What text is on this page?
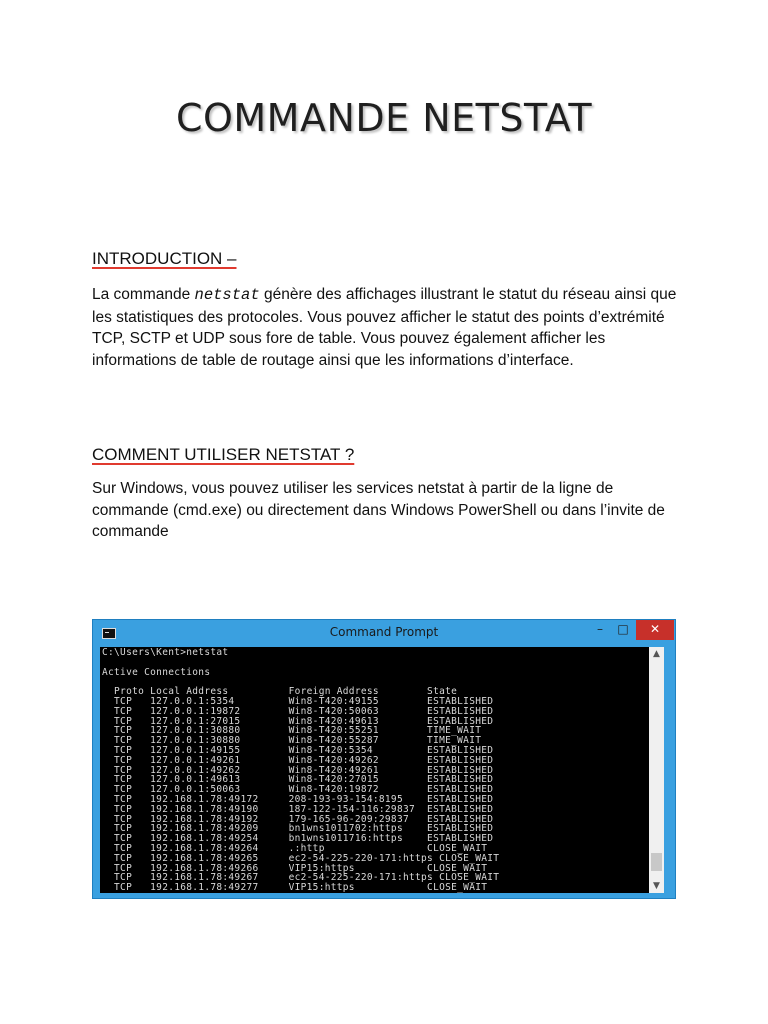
COMMANDE NETSTAT
INTRODUCTION –
La commande netstat génère des affichages illustrant le statut du réseau ainsi que les statistiques des protocoles. Vous pouvez afficher le statut des points d’extrémité TCP, SCTP et UDP sous fore de table. Vous pouvez également afficher les informations de table de routage ainsi que les informations d’interface.
COMMENT UTILISER NETSTAT ?
Sur Windows, vous pouvez utiliser les services netstat à partir de la ligne de commande (cmd.exe) ou directement dans Windows PowerShell ou dans l’invite de commande
Command Prompt	–	□	✕
C:\Users\Kent>netstat

Active Connections

Proto Local Address          Foreign Address        State
TCP   127.0.0.1:5354         Win8-T420:49155        ESTABLISHED
TCP   127.0.0.1:19872        Win8-T420:50063        ESTABLISHED
TCP   127.0.0.1:27015        Win8-T420:49613        ESTABLISHED
TCP   127.0.0.1:30880        Win8-T420:55251        TIME_WAIT
TCP   127.0.0.1:30880        Win8-T420:55287        TIME_WAIT
TCP   127.0.0.1:49155        Win8-T420:5354         ESTABLISHED
TCP   127.0.0.1:49261        Win8-T420:49262        ESTABLISHED
TCP   127.0.0.1:49262        Win8-T420:49261        ESTABLISHED
TCP   127.0.0.1:49613        Win8-T420:27015        ESTABLISHED
TCP   127.0.0.1:50063        Win8-T420:19872        ESTABLISHED
TCP   192.168.1.78:49172     208-193-93-154:8195    ESTABLISHED
TCP   192.168.1.78:49190     187-122-154-116:29837  ESTABLISHED
TCP   192.168.1.78:49192     179-165-96-209:29837   ESTABLISHED
TCP   192.168.1.78:49209     bn1wns1011702:https    ESTABLISHED
TCP   192.168.1.78:49254     bn1wns1011716:https    ESTABLISHED
TCP   192.168.1.78:49264     .:http                 CLOSE_WAIT
TCP   192.168.1.78:49265     ec2-54-225-220-171:https CLOSE_WAIT
TCP   192.168.1.78:49266     VIP15:https            CLOSE_WAIT
TCP   192.168.1.78:49267     ec2-54-225-220-171:https CLOSE_WAIT
TCP   192.168.1.78:49277     VIP15:https            CLOSE_WAIT
▲
▼
